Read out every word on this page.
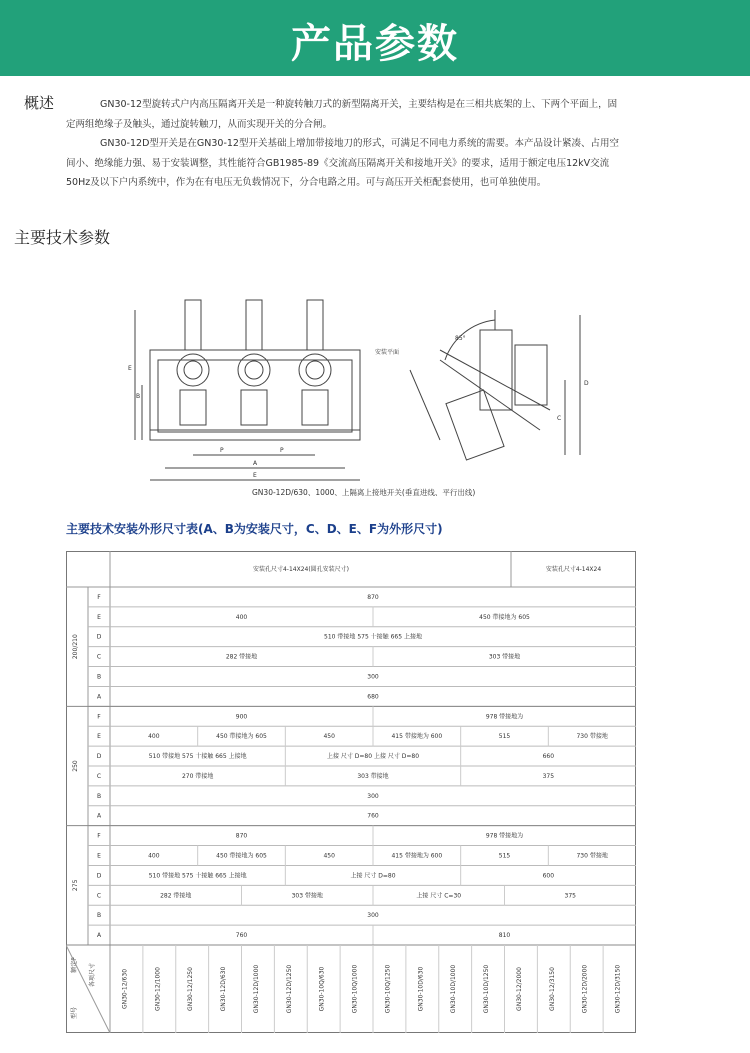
产品参数
概述	GN30-12型旋转式户内高压隔离开关是一种旋转触刀式的新型隔离开关，主要结构是在三相共底架的上、下两个平面上，固定两组绝缘子及触头，通过旋转触刀，从而实现开关的分合闸。
GN30-12D型开关是在GN30-12型开关基础上增加带接地刀的形式，可满足不同电力系统的需要。本产品设计紧凑、占用空间小、绝缘能力强、易于安装调整，其性能符合GB1985-89《交流高压隔离开关和接地开关》的要求，适用于额定电压12kV交流50Hz及以下户内系统中，作为在有电压无负载情况下，分合电路之用。可与高压开关柜配套使用，也可单独使用。
主要技术参数
E
B
P	P
A
E
安装平面
85°
D
C
GN30-12D/630、1000、上隔离上接地开关(垂直进线、平行出线)
主要技术安装外形尺寸表(A、B为安装尺寸，C、D、E、F为外形尺寸)
安装孔尺寸4-14X24(圆孔安装尺寸)	安装孔尺寸4-14X24
F	870
E	400	450 带接地为 605
D	510 带接地 575 十接触 665 上接地
C	282 带接地	303 带接地
B	300
A	680
200/210
F	900	978 带接地为
E	400	450 带接地为 605	450	415 带接地为 600	515	730 带接地
D	510 带接地 575 十接触 665 上接地	上接 尺寸 D=80 上接 尺寸 D=80	660
C	270 带接地	303 带接地	375
B	300
A	760
250
F	870	978 带接地为
E	400	450 带接地为 605	450	415 带接地为 600	515	730 带接地
D	510 带接地 575 十接触 665 上接地	上接 尺寸 D=80	600
C	282 带接地	303 带接地	上接 尺寸 C=30	375
B	300
A	760	810
275
GN30-12/630	GN30-12/1000	GN30-12/1250	GN30-12D/630	GN30-12D/1000	GN30-12D/1250	GN30-10Q/630	GN30-10Q/1000	GN30-10Q/1250	GN30-10D/630	GN30-10D/1000	GN30-10D/1250	GN30-12/2000	GN30-12/3150	GN30-12D/2000	GN30-12D/3150
额定P 各项尺寸
型号
